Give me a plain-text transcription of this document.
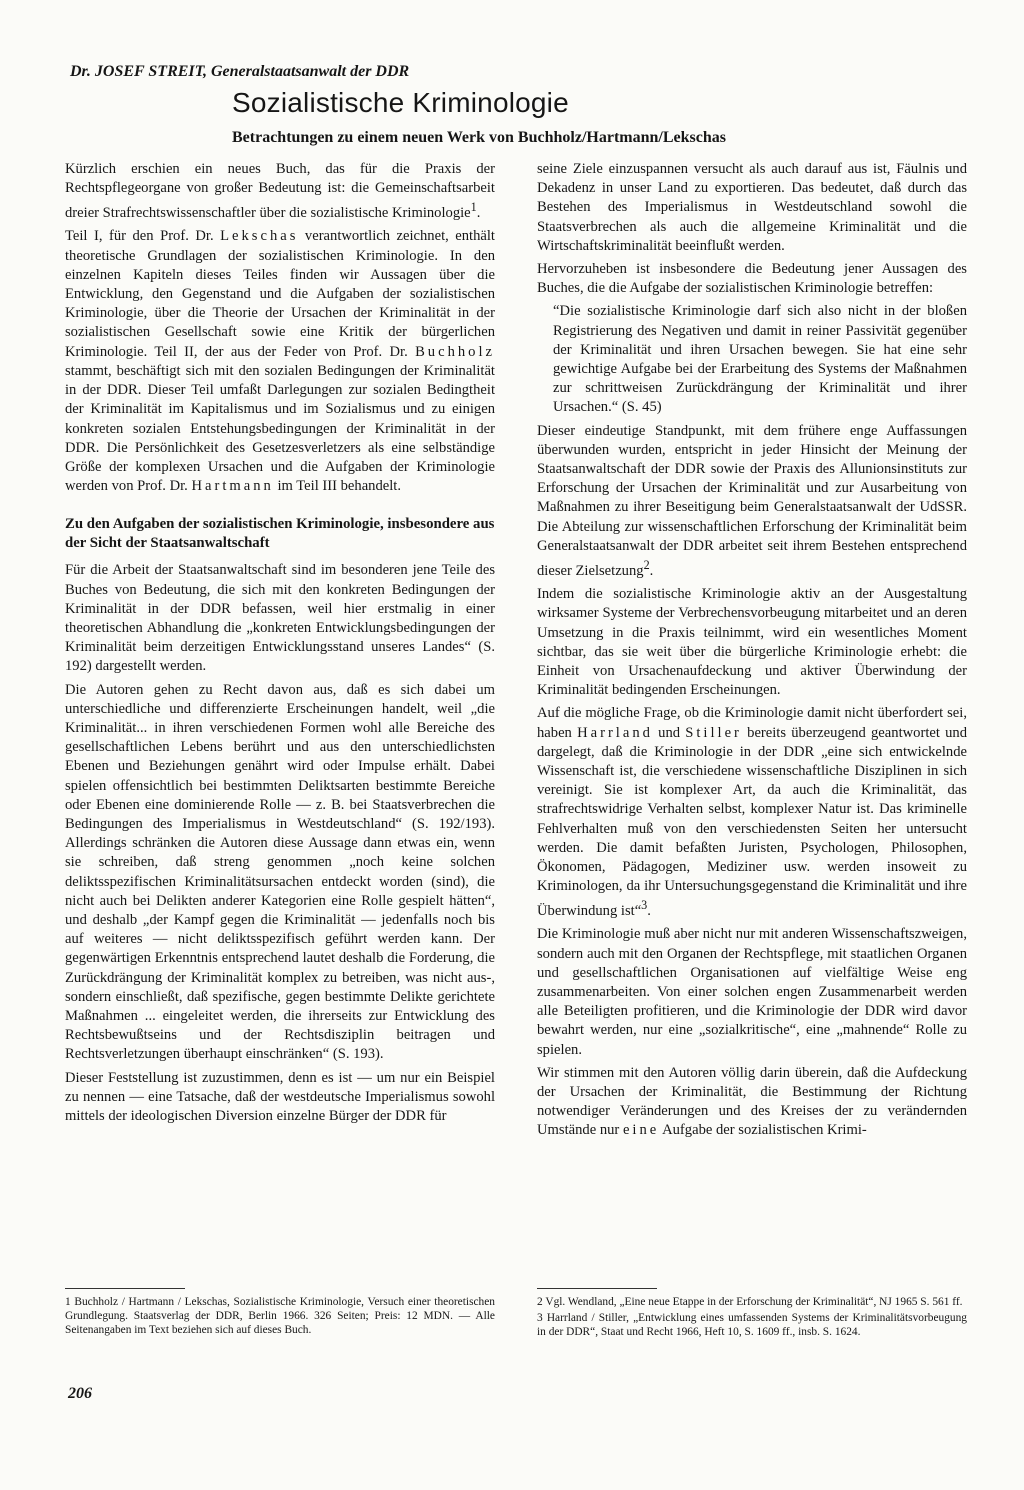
Dr. JOSEF STREIT, Generalstaatsanwalt der DDR
Sozialistische Kriminologie
Betrachtungen zu einem neuen Werk von Buchholz/Hartmann/Lekschas

Kürzlich erschien ein neues Buch, das für die Praxis der Rechtspflegeorgane von großer Bedeutung ist: die Gemeinschaftsarbeit dreier Strafrechtswissenschaftler über die sozialistische Kriminologie$^1$.

Teil I, für den Prof. Dr. Lekschas verantwortlich zeichnet, enthält theoretische Grundlagen der sozialistischen Kriminologie. In den einzelnen Kapiteln dieses Teiles finden wir Aussagen über die Entwicklung, den Gegenstand und die Aufgaben der sozialistischen Kriminologie, über die Theorie der Ursachen der Kriminalität in der sozialistischen Gesellschaft sowie eine Kritik der bürgerlichen Kriminologie. Teil II, der aus der Feder von Prof. Dr. Buchholz stammt, beschäftigt sich mit den sozialen Bedingungen der Kriminalität in der DDR. Dieser Teil umfaßt Darlegungen zur sozialen Bedingtheit der Kriminalität im Kapitalismus und im Sozialismus und zu einigen konkreten sozialen Entstehungsbedingungen der Kriminalität in der DDR. Die Persönlichkeit des Gesetzesverletzers als eine selbständige Größe der komplexen Ursachen und die Aufgaben der Kriminologie werden von Prof. Dr. Hartmann im Teil III behandelt.

Zu den Aufgaben der sozialistischen Kriminologie, insbesondere aus der Sicht der Staatsanwaltschaft

Für die Arbeit der Staatsanwaltschaft sind im besonderen jene Teile des Buches von Bedeutung, die sich mit den konkreten Bedingungen der Kriminalität in der DDR befassen, weil hier erstmalig in einer theoretischen Abhandlung die „konkreten Entwicklungsbedingungen der Kriminalität beim derzeitigen Entwicklungsstand unseres Landes“ (S. 192) dargestellt werden.

Die Autoren gehen zu Recht davon aus, daß es sich dabei um unterschiedliche und differenzierte Erscheinungen handelt, weil „die Kriminalität... in ihren verschiedenen Formen wohl alle Bereiche des gesellschaftlichen Lebens berührt und aus den unterschiedlichsten Ebenen und Beziehungen genährt wird oder Impulse erhält. Dabei spielen offensichtlich bei bestimmten Deliktsarten bestimmte Bereiche oder Ebenen eine dominierende Rolle — z. B. bei Staatsverbrechen die Bedingungen des Imperialismus in Westdeutschland“ (S. 192/193). Allerdings schränken die Autoren diese Aussage dann etwas ein, wenn sie schreiben, daß streng genommen „noch keine solchen deliktsspezifischen Kriminalitätsursachen entdeckt worden (sind), die nicht auch bei Delikten anderer Kategorien eine Rolle gespielt hätten“, und deshalb „der Kampf gegen die Kriminalität — jedenfalls noch bis auf weiteres — nicht deliktsspezifisch geführt werden kann. Der gegenwärtigen Erkenntnis entsprechend lautet deshalb die Forderung, die Zurückdrängung der Kriminalität komplex zu betreiben, was nicht aus-, sondern einschließt, daß spezifische, gegen bestimmte Delikte gerichtete Maßnahmen ... eingeleitet werden, die ihrerseits zur Entwicklung des Rechtsbewußtseins und der Rechtsdisziplin beitragen und Rechtsverletzungen überhaupt einschränken“ (S. 193).

Dieser Feststellung ist zuzustimmen, denn es ist — um nur ein Beispiel zu nennen — eine Tatsache, daß der westdeutsche Imperialismus sowohl mittels der ideologischen Diversion einzelne Bürger der DDR für

seine Ziele einzuspannen versucht als auch darauf aus ist, Fäulnis und Dekadenz in unser Land zu exportieren. Das bedeutet, daß durch das Bestehen des Imperialismus in Westdeutschland sowohl die Staatsverbrechen als auch die allgemeine Kriminalität und die Wirtschaftskriminalität beeinflußt werden.

Hervorzuheben ist insbesondere die Bedeutung jener Aussagen des Buches, die die Aufgabe der sozialistischen Kriminologie betreffen:

“Die sozialistische Kriminologie darf sich also nicht in der bloßen Registrierung des Negativen und damit in reiner Passivität gegenüber der Kriminalität und ihren Ursachen bewegen. Sie hat eine sehr gewichtige Aufgabe bei der Erarbeitung des Systems der Maßnahmen zur schrittweisen Zurückdrängung der Kriminalität und ihrer Ursachen.“ (S. 45)

Dieser eindeutige Standpunkt, mit dem frühere enge Auffassungen überwunden wurden, entspricht in jeder Hinsicht der Meinung der Staatsanwaltschaft der DDR sowie der Praxis des Allunionsinstituts zur Erforschung der Ursachen der Kriminalität und zur Ausarbeitung von Maßnahmen zu ihrer Beseitigung beim Generalstaatsanwalt der UdSSR. Die Abteilung zur wissenschaftlichen Erforschung der Kriminalität beim Generalstaatsanwalt der DDR arbeitet seit ihrem Bestehen entsprechend dieser Zielsetzung$^2$.

Indem die sozialistische Kriminologie aktiv an der Ausgestaltung wirksamer Systeme der Verbrechensvorbeugung mitarbeitet und an deren Umsetzung in die Praxis teilnimmt, wird ein wesentliches Moment sichtbar, das sie weit über die bürgerliche Kriminologie erhebt: die Einheit von Ursachenaufdeckung und aktiver Überwindung der Kriminalität bedingenden Erscheinungen.

Auf die mögliche Frage, ob die Kriminologie damit nicht überfordert sei, haben Harrland und Stiller bereits überzeugend geantwortet und dargelegt, daß die Kriminologie in der DDR „eine sich entwickelnde Wissenschaft ist, die verschiedene wissenschaftliche Disziplinen in sich vereinigt. Sie ist komplexer Art, da auch die Kriminalität, das strafrechtswidrige Verhalten selbst, komplexer Natur ist. Das kriminelle Fehlverhalten muß von den verschiedensten Seiten her untersucht werden. Die damit befaßten Juristen, Psychologen, Philosophen, Ökonomen, Pädagogen, Mediziner usw. werden insoweit zu Kriminologen, da ihr Untersuchungsgegenstand die Kriminalität und ihre Überwindung ist“$^3$.

Die Kriminologie muß aber nicht nur mit anderen Wissenschaftszweigen, sondern auch mit den Organen der Rechtspflege, mit staatlichen Organen und gesellschaftlichen Organisationen auf vielfältige Weise eng zusammenarbeiten. Von einer solchen engen Zusammenarbeit werden alle Beteiligten profitieren, und die Kriminologie der DDR wird davor bewahrt werden, nur eine „sozialkritische“, eine „mahnende“ Rolle zu spielen.

Wir stimmen mit den Autoren völlig darin überein, daß die Aufdeckung der Ursachen der Kriminalität, die Bestimmung der Richtung notwendiger Veränderungen und des Kreises der zu verändernden Umstände nur eine Aufgabe der sozialistischen Krimi-

1 Buchholz / Hartmann / Lekschas, Sozialistische Kriminologie, Versuch einer theoretischen Grundlegung. Staatsverlag der DDR, Berlin 1966. 326 Seiten; Preis: 12 MDN. — Alle Seitenangaben im Text beziehen sich auf dieses Buch.

2 Vgl. Wendland, „Eine neue Etappe in der Erforschung der Kriminalität“, NJ 1965 S. 561 ff.

3 Harrland / Stiller, „Entwicklung eines umfassenden Systems der Kriminalitätsvorbeugung in der DDR“, Staat und Recht 1966, Heft 10, S. 1609 ff., insb. S. 1624.

206
